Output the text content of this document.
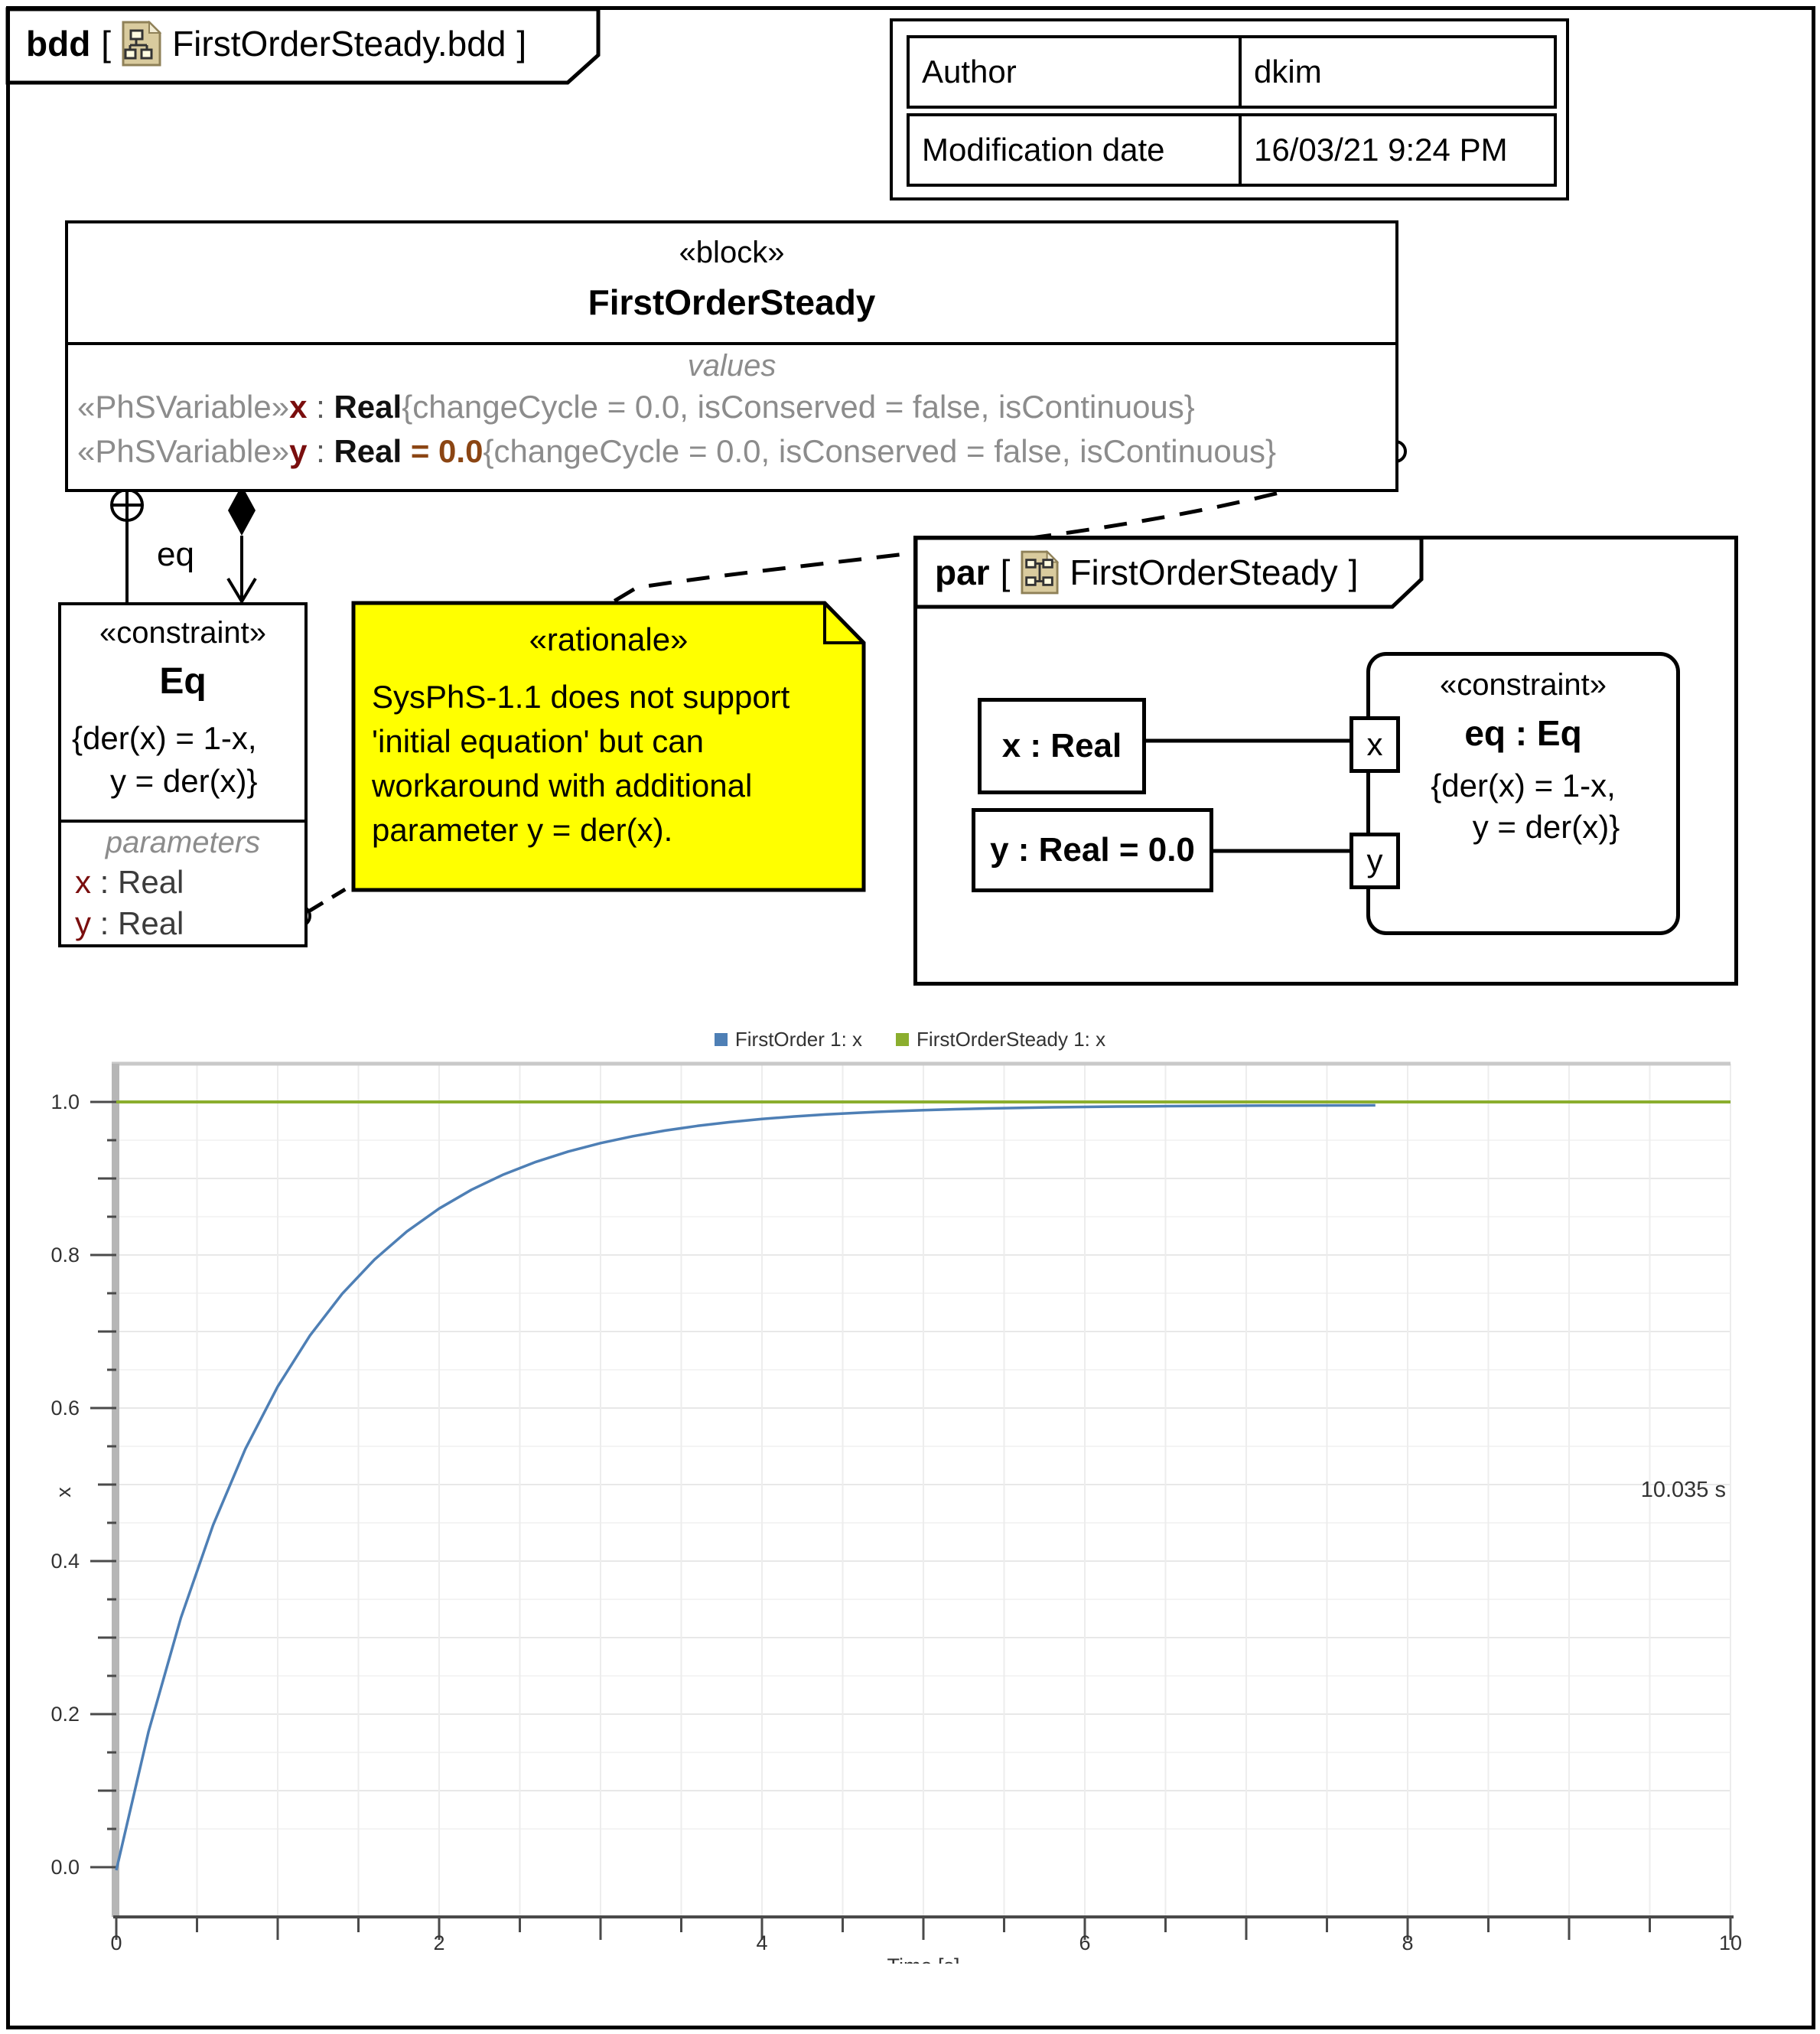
0	2	4	6	8	10
0.0
0.2
0.4
0.6
0.8
1.0
x	10.035 s
bdd [ FirstOrderSteady.bdd ]
Author	dkim
Modification date	16/03/21 9:24 PM
«block»
FirstOrderSteady
values
«PhSVariable»x : Real{changeCycle = 0.0, isConserved = false, isContinuous}
«PhSVariable»y : Real = 0.0{changeCycle = 0.0, isConserved = false, isContinuous}
eq
«constraint»
Eq
{der(x) = 1-x,
y = der(x)}
parameters
x : Real
y : Real
«rationale»
SysPhS-1.1 does not support
'initial equation' but can
workaround with additional
parameter y = der(x).
par [ FirstOrderSteady ]
x : Real
y : Real = 0.0
«constraint»
eq : Eq
{der(x) = 1-x,
y = der(x)}
x
y
FirstOrder 1: x	FirstOrderSteady 1: x
